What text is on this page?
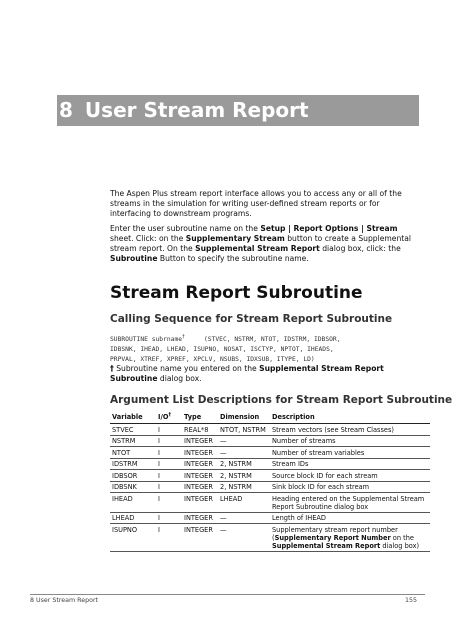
8 User Stream Report
The Aspen Plus stream report interface allows you to access any or all of the streams in the simulation for writing user-defined stream reports or for interfacing to downstream programs.
Enter the user subroutine name on the Setup | Report Options | Stream sheet. Click: on the Supplementary Stream button to create a Supplemental stream report. On the Supplemental Stream Report dialog box, click: the Subroutine Button to specify the subroutine name.
Stream Report Subroutine
Calling Sequence for Stream Report Subroutine
SUBROUTINE subrname†     (STVEC, NSTRM, NTOT, IDSTRM, IDBSOR,
IDBSNK, IHEAD, LHEAD, ISUPNO, NOSAT, ISCTYP, NPTOT, IHEADS,
PRPVAL, XTREF, XPREF, XPCLV, NSUBS, IDXSUB, ITYPE, LD)
† Subroutine name you entered on the Supplemental Stream Report Subroutine dialog box.
Argument List Descriptions for Stream Report Subroutine
Variable	I/O†	Type	Dimension	Description
STVEC	I	REAL*8	NTOT, NSTRM	Stream vectors (see Stream Classes)
NSTRM	I	INTEGER	—	Number of streams
NTOT	I	INTEGER	—	Number of stream variables
IDSTRM	I	INTEGER	2, NSTRM	Stream IDs
IDBSOR	I	INTEGER	2, NSTRM	Source block ID for each stream
IDBSNK	I	INTEGER	2, NSTRM	Sink block ID for each stream
IHEAD	I	INTEGER	LHEAD	Heading entered on the Supplemental Stream Report Subroutine dialog box
LHEAD	I	INTEGER	—	Length of IHEAD
ISUPNO	I	INTEGER	—	Supplementary stream report number (Supplementary Report Number on the Supplemental Stream Report dialog box)
8 User Stream Report	155
